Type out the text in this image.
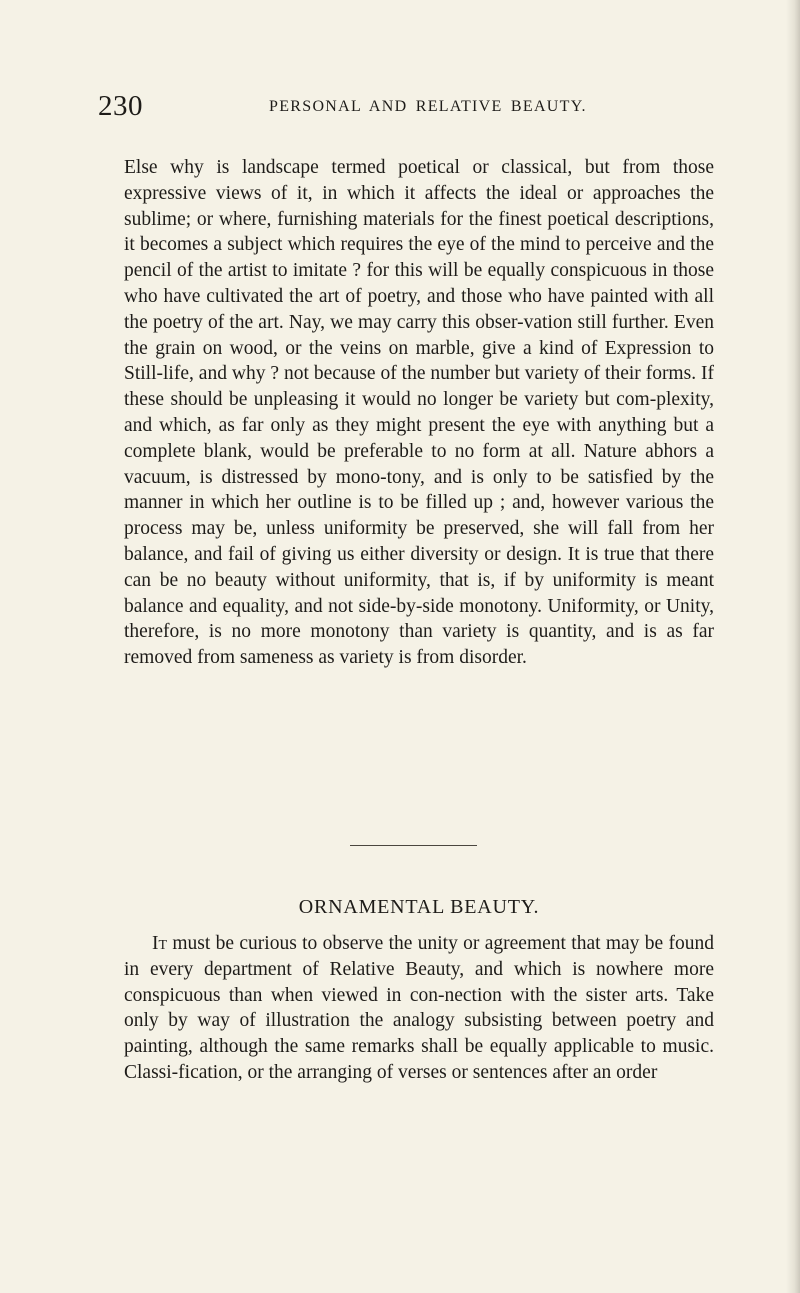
230	PERSONAL AND RELATIVE BEAUTY.

Else why is landscape termed poetical or classical, but from those expressive views of it, in which it affects the ideal or approaches the sublime; or where, furnishing materials for the finest poetical descriptions, it becomes a subject which requires the eye of the mind to perceive and the pencil of the artist to imitate ? for this will be equally conspicuous in those who have cultivated the art of poetry, and those who have painted with all the poetry of the art. Nay, we may carry this obser-vation still further. Even the grain on wood, or the veins on marble, give a kind of Expression to Still-life, and why ? not because of the number but variety of their forms. If these should be unpleasing it would no longer be variety but com-plexity, and which, as far only as they might present the eye with anything but a complete blank, would be preferable to no form at all. Nature abhors a vacuum, is distressed by mono-tony, and is only to be satisfied by the manner in which her outline is to be filled up ; and, however various the process may be, unless uniformity be preserved, she will fall from her balance, and fail of giving us either diversity or design. It is true that there can be no beauty without uniformity, that is, if by uniformity is meant balance and equality, and not side-by-side monotony. Uniformity, or Unity, therefore, is no more monotony than variety is quantity, and is as far removed from sameness as variety is from disorder.

ORNAMENTAL BEAUTY.

It must be curious to observe the unity or agreement that may be found in every department of Relative Beauty, and which is nowhere more conspicuous than when viewed in con-nection with the sister arts. Take only by way of illustration the analogy subsisting between poetry and painting, although the same remarks shall be equally applicable to music. Classi-fication, or the arranging of verses or sentences after an order
